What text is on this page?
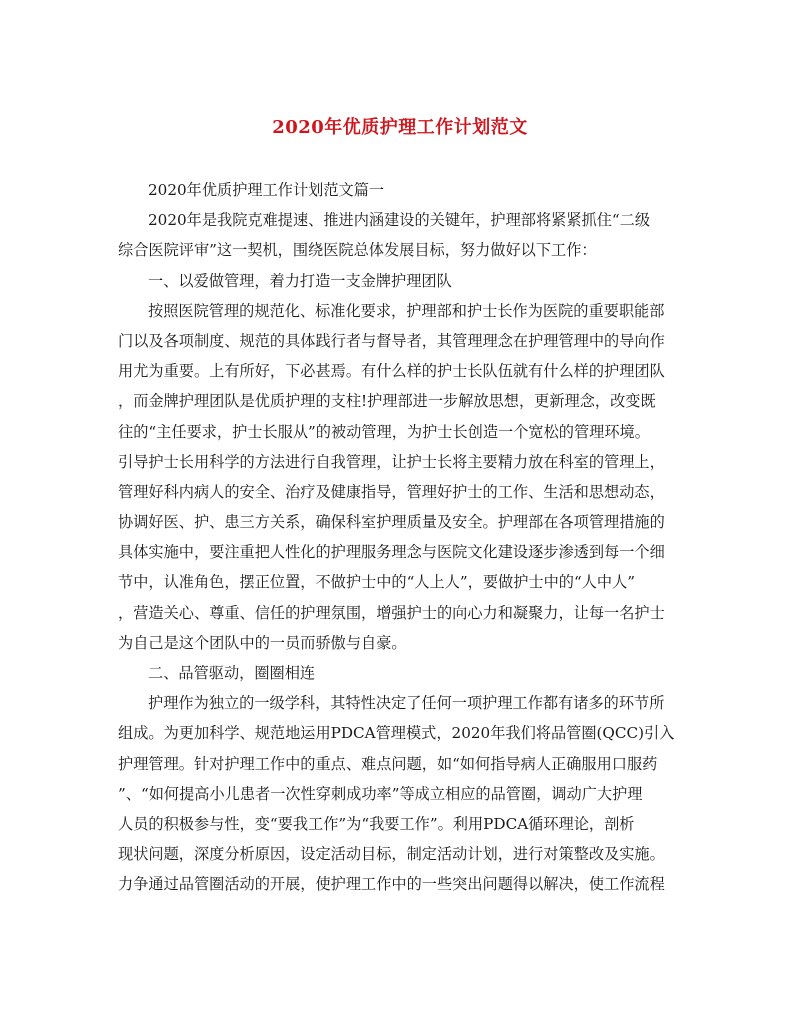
2020年优质护理工作计划范文
2020年优质护理工作计划范文篇一
2020年是我院克难提速、推进内涵建设的关键年，护理部将紧紧抓住“二级
综合医院评审”这一契机，围绕医院总体发展目标，努力做好以下工作：
一、以爱做管理，着力打造一支金牌护理团队
按照医院管理的规范化、标准化要求，护理部和护士长作为医院的重要职能部
门以及各项制度、规范的具体践行者与督导者，其管理理念在护理管理中的导向作
用尤为重要。上有所好，下必甚焉。有什么样的护士长队伍就有什么样的护理团队
，而金牌护理团队是优质护理的支柱!护理部进一步解放思想，更新理念，改变既
往的“主任要求，护士长服从”的被动管理，为护士长创造一个宽松的管理环境。
引导护士长用科学的方法进行自我管理，让护士长将主要精力放在科室的管理上，
管理好科内病人的安全、治疗及健康指导，管理好护士的工作、生活和思想动态，
协调好医、护、患三方关系，确保科室护理质量及安全。护理部在各项管理措施的
具体实施中，要注重把人性化的护理服务理念与医院文化建设逐步渗透到每一个细
节中，认准角色，摆正位置，不做护士中的“人上人”，要做护士中的“人中人”
，营造关心、尊重、信任的护理氛围，增强护士的向心力和凝聚力，让每一名护士
为自己是这个团队中的一员而骄傲与自豪。
二、品管驱动，圈圈相连
护理作为独立的一级学科，其特性决定了任何一项护理工作都有诸多的环节所
组成。为更加科学、规范地运用PDCA管理模式，2020年我们将品管圈(QCC)引入
护理管理。针对护理工作中的重点、难点问题，如“如何指导病人正确服用口服药
”、“如何提高小儿患者一次性穿刺成功率”等成立相应的品管圈，调动广大护理
人员的积极参与性，变“要我工作”为“我要工作”。利用PDCA循环理论，剖析
现状问题，深度分析原因，设定活动目标，制定活动计划，进行对策整改及实施。
力争通过品管圈活动的开展，使护理工作中的一些突出问题得以解决，使工作流程
